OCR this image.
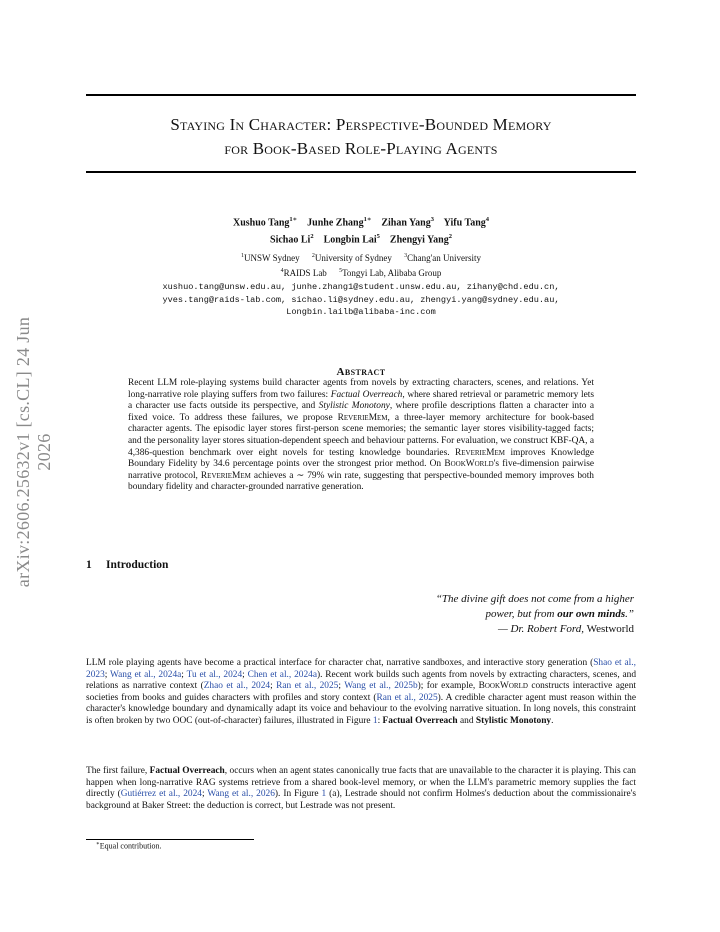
arXiv:2606.25632v1 [cs.CL] 24 Jun 2026
Staying In Character: Perspective-Bounded Memory
for Book-Based Role-Playing Agents
Xushuo Tang$^{1∗}$ Junhe Zhang$^{1∗}$ Zihan Yang$^3$ Yifu Tang$^4$
Sichao Li$^2$ Longbin Lai$^5$ Zhengyi Yang$^2$
$^1$UNSW Sydney $^2$University of Sydney $^3$Chang'an University
$^4$RAIDS Lab $^5$Tongyi Lab, Alibaba Group
xushuo.tang@unsw.edu.au, junhe.zhang1@student.unsw.edu.au, zihany@chd.edu.cn,
yves.tang@raids-lab.com, sichao.li@sydney.edu.au, zhengyi.yang@sydney.edu.au,
Longbin.lailb@alibaba-inc.com
Abstract
Recent LLM role-playing systems build character agents from novels by extracting characters, scenes, and relations. Yet long-narrative role playing suffers from two failures: Factual Overreach, where shared retrieval or parametric memory lets a character use facts outside its perspective, and Stylistic Monotony, where profile descriptions flatten a character into a fixed voice. To address these failures, we propose ReverieMem, a three-layer memory architecture for book-based character agents. The episodic layer stores first-person scene memories; the semantic layer stores visibility-tagged facts; and the personality layer stores situation-dependent speech and behaviour patterns. For evaluation, we construct KBF-QA, a 4,386-question benchmark over eight novels for testing knowledge boundaries. ReverieMem improves Knowledge Boundary Fidelity by 34.6 percentage points over the strongest prior method. On BookWorld's five-dimension pairwise narrative protocol, ReverieMem achieves a ∼ 79% win rate, suggesting that perspective-bounded memory improves both boundary fidelity and character-grounded narrative generation.
1 Introduction
“The divine gift does not come from a higher
power, but from our own minds.”
— Dr. Robert Ford, Westworld
LLM role playing agents have become a practical interface for character chat, narrative sandboxes, and interactive story generation (Shao et al., 2023; Wang et al., 2024a; Tu et al., 2024; Chen et al., 2024a). Recent work builds such agents from novels by extracting characters, scenes, and relations as narrative context (Zhao et al., 2024; Ran et al., 2025; Wang et al., 2025b); for example, BookWorld constructs interactive agent societies from books and guides characters with profiles and story context (Ran et al., 2025). A credible character agent must reason within the character's knowledge boundary and dynamically adapt its voice and behaviour to the evolving narrative situation. In long novels, this constraint is often broken by two OOC (out-of-character) failures, illustrated in Figure 1: Factual Overreach and Stylistic Monotony.
The first failure, Factual Overreach, occurs when an agent states canonically true facts that are unavailable to the character it is playing. This can happen when long-narrative RAG systems retrieve from a shared book-level memory, or when the LLM's parametric memory supplies the fact directly (Gutiérrez et al., 2024; Wang et al., 2026). In Figure 1 (a), Lestrade should not confirm Holmes's deduction about the commissionaire's background at Baker Street: the deduction is correct, but Lestrade was not present.
∗Equal contribution.
